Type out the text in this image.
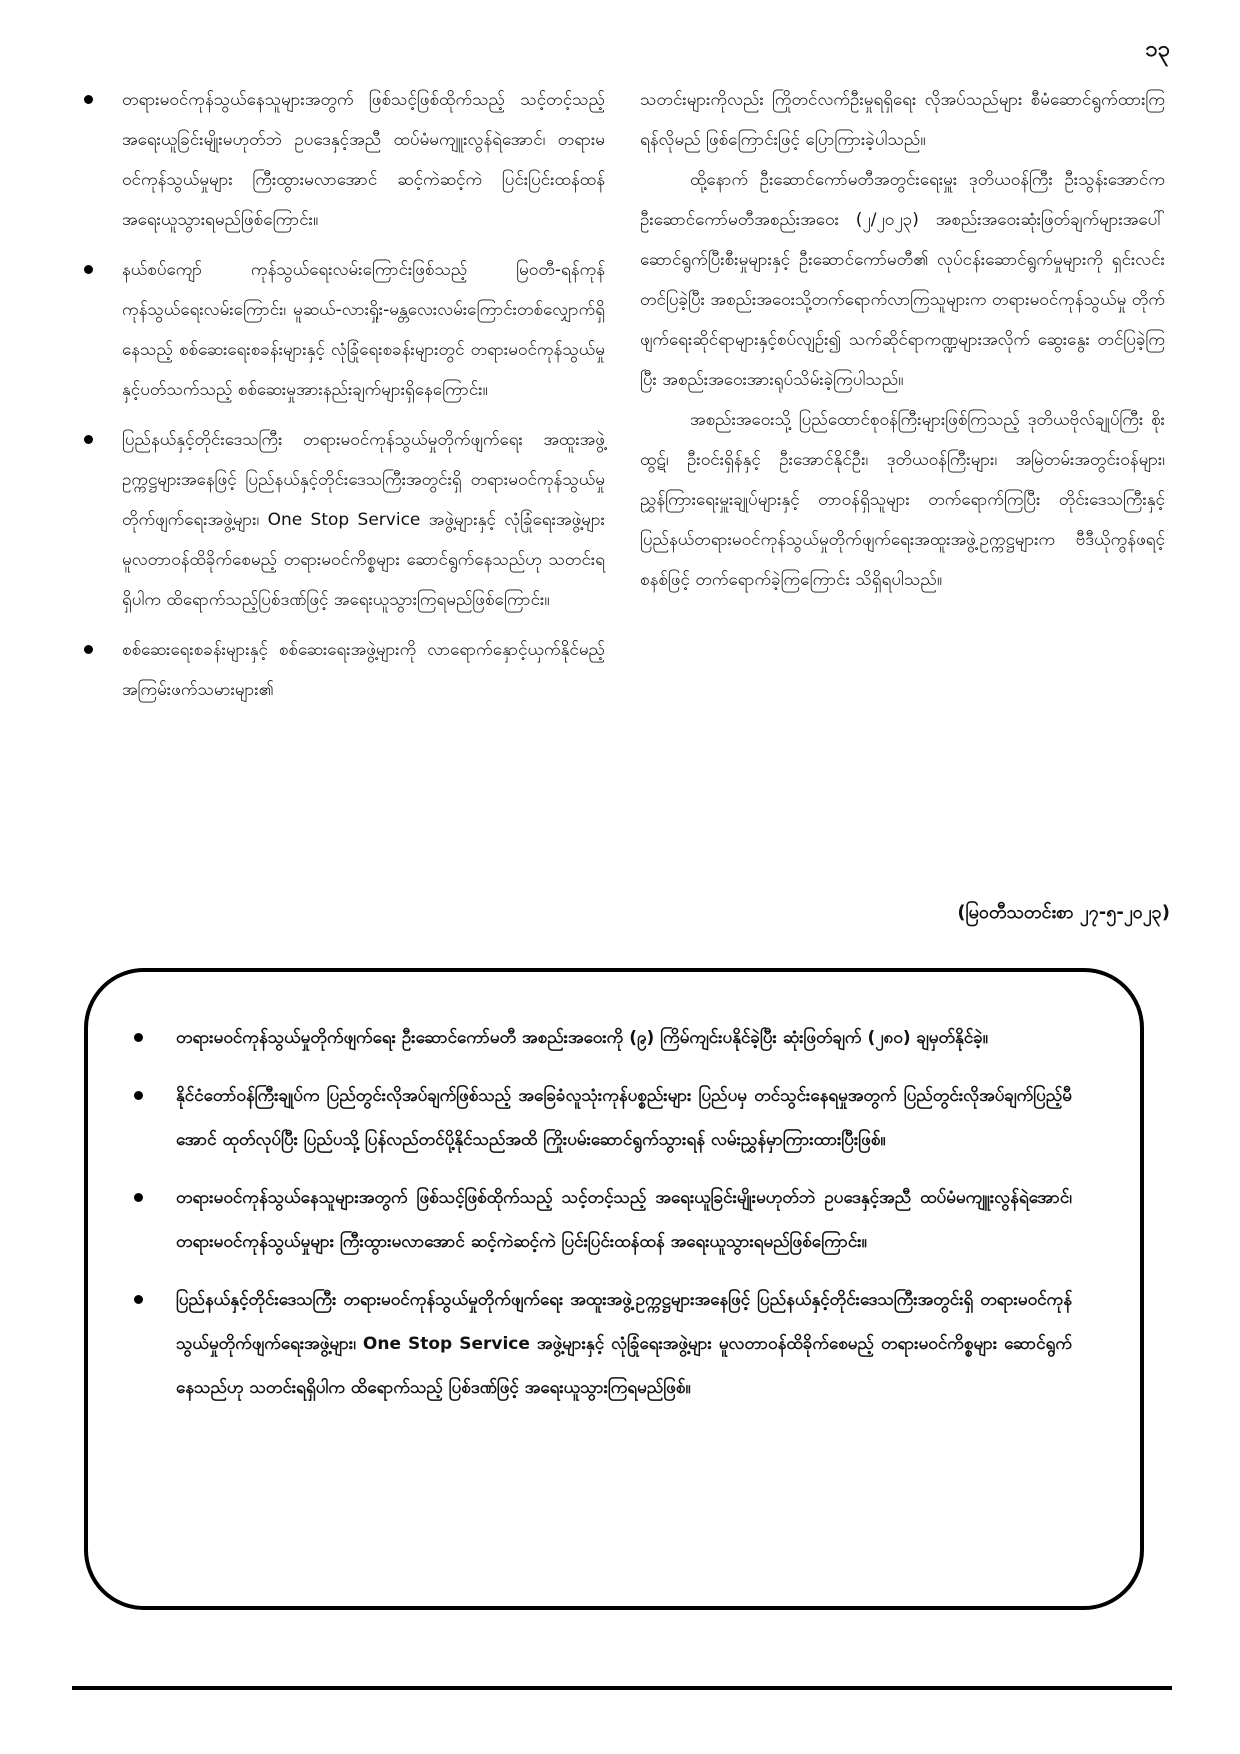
၁၃
တရားမဝင်ကုန်သွယ်နေသူများအတွက် ဖြစ်သင့်ဖြစ်ထိုက်သည့် သင့်တင့်သည့် အရေးယူခြင်းမျိုးမဟုတ်ဘဲ ဥပဒေနှင့်အညီ ထပ်မံမကျူးလွန်ရဲအောင်၊ တရားမဝင်ကုန်သွယ်မှုများ ကြီးထွားမလာအောင် ဆင့်ကဲဆင့်ကဲ ပြင်းပြင်းထန်ထန် အရေးယူသွားရမည်ဖြစ်ကြောင်း။
နယ်စပ်ကျော် ကုန်သွယ်ရေးလမ်းကြောင်းဖြစ်သည့် မြဝတီ-ရန်ကုန် ကုန်သွယ်ရေးလမ်းကြောင်း၊ မူဆယ်-လားရှိုး-မန္တလေးလမ်းကြောင်းတစ်လျှောက်ရှိနေသည့် စစ်ဆေးရေးစခန်းများနှင့် လုံခြုံရေးစခန်းများတွင် တရားမဝင်ကုန်သွယ်မှုနှင့်ပတ်သက်သည့် စစ်ဆေးမှုအားနည်းချက်များရှိနေကြောင်း။
ပြည်နယ်နှင့်တိုင်းဒေသကြီး တရားမဝင်ကုန်သွယ်မှုတိုက်ဖျက်ရေး အထူးအဖွဲ့ဥက္ကဋ္ဌများအနေဖြင့် ပြည်နယ်နှင့်တိုင်းဒေသကြီးအတွင်းရှိ တရားမဝင်ကုန်သွယ်မှုတိုက်ဖျက်ရေးအဖွဲ့များ၊ One Stop Service အဖွဲ့များနှင့် လုံခြုံရေးအဖွဲ့များ မူလတာဝန်ထိခိုက်စေမည့် တရားမဝင်ကိစ္စများ ဆောင်ရွက်နေသည်ဟု သတင်းရရှိပါက ထိရောက်သည့်ပြစ်ဒဏ်ဖြင့် အရေးယူသွားကြရမည်ဖြစ်ကြောင်း။
စစ်ဆေးရေးစခန်းများနှင့် စစ်ဆေးရေးအဖွဲ့များကို လာရောက်နှောင့်ယှက်နိုင်မည့် အကြမ်းဖက်သမားများ၏

သတင်းများကိုလည်း ကြိုတင်လက်ဦးမှုရရှိရေး လိုအပ်သည်များ စီမံဆောင်ရွက်ထားကြရန်လိုမည် ဖြစ်ကြောင်းဖြင့် ပြောကြားခဲ့ပါသည်။

ထို့နောက် ဦးဆောင်ကော်မတီအတွင်းရေးမှူး ဒုတိယဝန်ကြီး ဦးသွန်းအောင်က ဦးဆောင်ကော်မတီအစည်းအဝေး (၂/၂၀၂၃) အစည်းအဝေးဆုံးဖြတ်ချက်များအပေါ် ဆောင်ရွက်ပြီးစီးမှုများနှင့် ဦးဆောင်ကော်မတီ၏ လုပ်ငန်းဆောင်ရွက်မှုများကို ရှင်းလင်းတင်ပြခဲ့ပြီး အစည်းအဝေးသို့တက်ရောက်လာကြသူများက တရားမဝင်ကုန်သွယ်မှု တိုက်ဖျက်ရေးဆိုင်ရာများနှင့်စပ်လျဉ်း၍ သက်ဆိုင်ရာကဏ္ဍများအလိုက် ဆွေးနွေး တင်ပြခဲ့ကြပြီး အစည်းအဝေးအားရုပ်သိမ်းခဲ့ကြပါသည်။

အစည်းအဝေးသို့ ပြည်ထောင်စုဝန်ကြီးများဖြစ်ကြသည့် ဒုတိယဗိုလ်ချုပ်ကြီး စိုးထွဋ်၊ ဦးဝင်းရှိန်နှင့် ဦးအောင်နိုင်ဦး၊ ဒုတိယဝန်ကြီးများ၊ အမြဲတမ်းအတွင်းဝန်များ၊ ညွှန်ကြားရေးမှူးချုပ်များနှင့် တာဝန်ရှိသူများ တက်ရောက်ကြပြီး တိုင်းဒေသကြီးနှင့် ပြည်နယ်တရားမဝင်ကုန်သွယ်မှုတိုက်ဖျက်ရေးအထူးအဖွဲ့ဥက္ကဋ္ဌများက ဗီဒီယိုကွန်ဖရင့်စနစ်ဖြင့် တက်ရောက်ခဲ့ကြကြောင်း သိရှိရပါသည်။

(မြဝတီသတင်းစာ ၂၇-၅-၂၀၂၃)
တရားမဝင်ကုန်သွယ်မှုတိုက်ဖျက်ရေး ဦးဆောင်ကော်မတီ အစည်းအဝေးကို (၉) ကြိမ်ကျင်းပနိုင်ခဲ့ပြီး ဆုံးဖြတ်ချက် (၂၈၀) ချမှတ်နိုင်ခဲ့။
နိုင်ငံတော်ဝန်ကြီးချုပ်က ပြည်တွင်းလိုအပ်ချက်ဖြစ်သည့် အခြေခံလူသုံးကုန်ပစ္စည်းများ ပြည်ပမှ တင်သွင်းနေရမှုအတွက် ပြည်တွင်းလိုအပ်ချက်ပြည့်မီအောင် ထုတ်လုပ်ပြီး ပြည်ပသို့ ပြန်လည်တင်ပို့နိုင်သည်အထိ ကြိုးပမ်းဆောင်ရွက်သွားရန် လမ်းညွှန်မှာကြားထားပြီးဖြစ်။
တရားမဝင်ကုန်သွယ်နေသူများအတွက် ဖြစ်သင့်ဖြစ်ထိုက်သည့် သင့်တင့်သည့် အရေးယူခြင်းမျိုးမဟုတ်ဘဲ ဥပဒေနှင့်အညီ ထပ်မံမကျူးလွန်ရဲအောင်၊ တရားမဝင်ကုန်သွယ်မှုများ ကြီးထွားမလာအောင် ဆင့်ကဲဆင့်ကဲ ပြင်းပြင်းထန်ထန် အရေးယူသွားရမည်ဖြစ်ကြောင်း။
ပြည်နယ်နှင့်တိုင်းဒေသကြီး တရားမဝင်ကုန်သွယ်မှုတိုက်ဖျက်ရေး အထူးအဖွဲ့ဥက္ကဋ္ဌများအနေဖြင့် ပြည်နယ်နှင့်တိုင်းဒေသကြီးအတွင်းရှိ တရားမဝင်ကုန်သွယ်မှုတိုက်ဖျက်ရေးအဖွဲ့များ၊ One Stop Service အဖွဲ့များနှင့် လုံခြုံရေးအဖွဲ့များ မူလတာဝန်ထိခိုက်စေမည့် တရားမဝင်ကိစ္စများ ဆောင်ရွက်နေသည်ဟု သတင်းရရှိပါက ထိရောက်သည့် ပြစ်ဒဏ်ဖြင့် အရေးယူသွားကြရမည်ဖြစ်။
